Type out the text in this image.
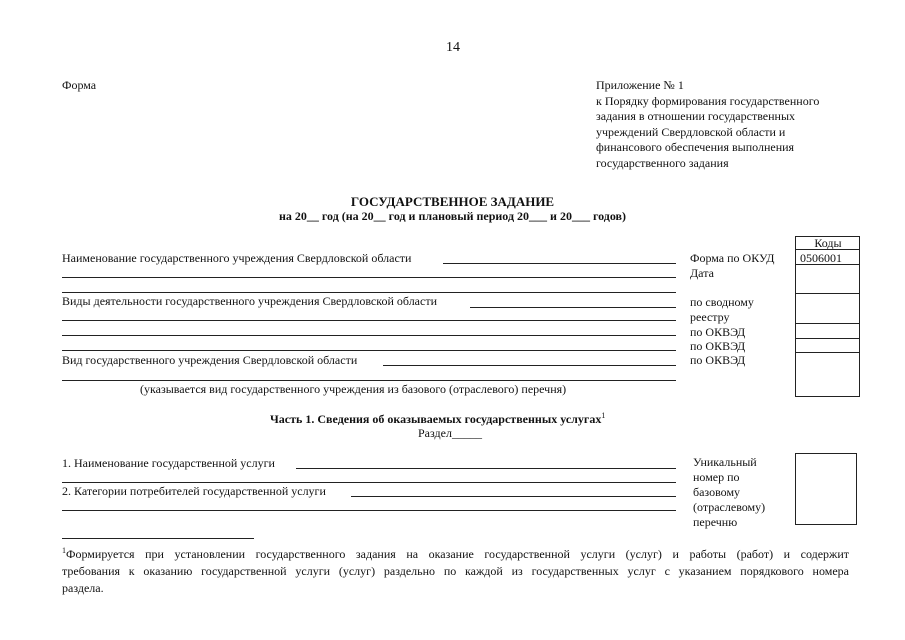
14
Форма	Приложение № 1
к Порядку формирования государственного
задания в отношении государственных
учреждений Свердловской области и
финансового обеспечения выполнения
государственного задания
ГОСУДАРСТВЕННОЕ ЗАДАНИЕ
на 20__ год (на 20__ год и плановый период 20___ и 20___ годов)
Наименование государственного учреждения Свердловской области
Виды деятельности государственного учреждения Свердловской области
Вид государственного учреждения Свердловской области
(указывается вид государственного учреждения из базового (отраслевого) перечня)
Форма по ОКУД
Дата
по сводному
реестру
по ОКВЭД
по ОКВЭД
по ОКВЭД
Коды
0506001
Часть 1. Сведения об оказываемых государственных услугах$^1$
Раздел_____
1. Наименование государственной услуги
2. Категории потребителей государственной услуги
Уникальный
номер по
базовому
(отраслевому)
перечню
$^1$Формируется при установлении государственного задания на оказание государственной услуги (услуг) и работы (работ) и содержит
требования к оказанию государственной услуги (услуг) раздельно по каждой из государственных услуг с указанием порядкового номера
раздела.
